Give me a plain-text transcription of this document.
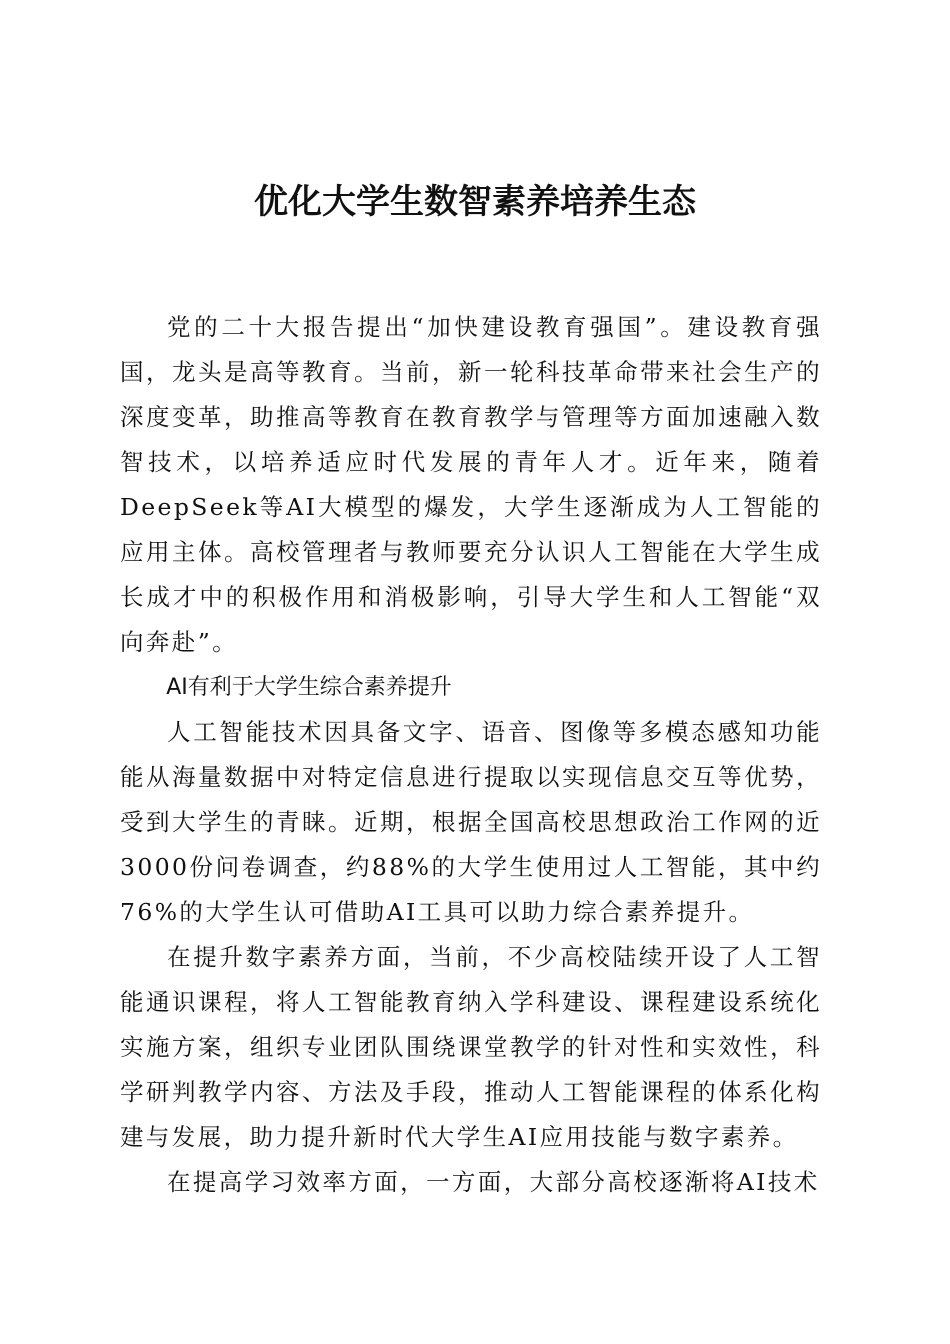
优化大学生数智素养培养生态

党的二十大报告提出“加快建设教育强国”。建设教育强国，龙头是高等教育。当前，新一轮科技革命带来社会生产的深度变革，助推高等教育在教育教学与管理等方面加速融入数智技术，以培养适应时代发展的青年人才。近年来，随着DeepSeek等AI大模型的爆发，大学生逐渐成为人工智能的应用主体。高校管理者与教师要充分认识人工智能在大学生成长成才中的积极作用和消极影响，引导大学生和人工智能“双向奔赴”。

AI有利于大学生综合素养提升

人工智能技术因具备文字、语音、图像等多模态感知功能能从海量数据中对特定信息进行提取以实现信息交互等优势，受到大学生的青睐。近期，根据全国高校思想政治工作网的近3000份问卷调查，约88%的大学生使用过人工智能，其中约76%的大学生认可借助AI工具可以助力综合素养提升。

在提升数字素养方面，当前，不少高校陆续开设了人工智能通识课程，将人工智能教育纳入学科建设、课程建设系统化实施方案，组织专业团队围绕课堂教学的针对性和实效性，科学研判教学内容、方法及手段，推动人工智能课程的体系化构建与发展，助力提升新时代大学生AI应用技能与数字素养。

在提高学习效率方面，一方面，大部分高校逐渐将AI技术
